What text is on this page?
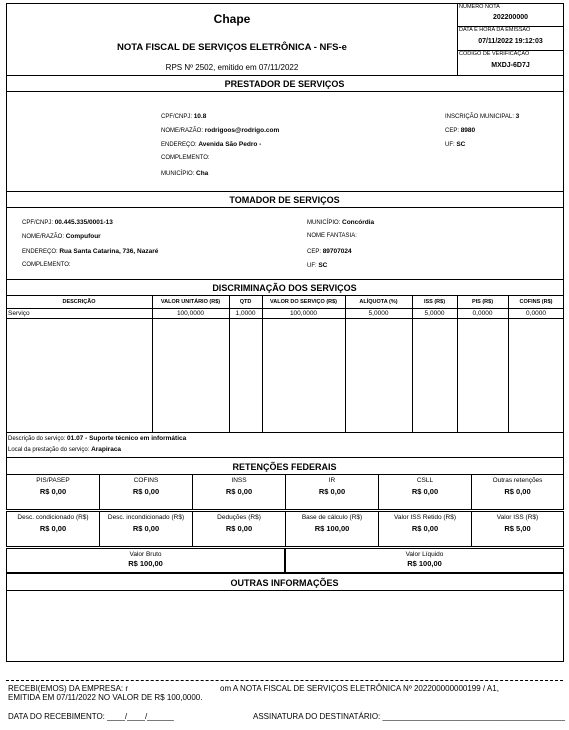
Chape
NOTA FISCAL DE SERVIÇOS ELETRÔNICA - NFS-e
RPS Nº 2502, emitido em 07/11/2022
NÚMERO NOTA
202200000
DATA E HORA DA EMISSÃO
07/11/2022 19:12:03
CÓDIGO DE VERIFICAÇÃO
MXDJ-6D7J
PRESTADOR DE SERVIÇOS
CPF/CNPJ: 10.8
NOME/RAZÃO: rodrigoos@rodrigo.com
ENDEREÇO: Avenida São Pedro -
COMPLEMENTO:
MUNICÍPIO: Cha
INSCRIÇÃO MUNICIPAL: 3
CEP: 8980
UF: SC
TOMADOR DE SERVIÇOS
CPF/CNPJ: 00.445.335/0001-13
NOME/RAZÃO: Compufour
ENDEREÇO: Rua Santa Catarina, 736, Nazaré
COMPLEMENTO:
MUNICÍPIO: Concórdia
NOME FANTASIA:
CEP: 89707024
UF: SC
DISCRIMINAÇÃO DOS SERVIÇOS
DESCRIÇÃO	VALOR UNITÁRIO (R$)	QTD	VALOR DO SERVIÇO (R$)	ALÍQUOTA (%)	ISS (R$)	PIS (R$)	COFINS (R$)
Serviço	100,0000	1,0000	100,0000	5,0000	5,0000	0,0000	0,0000
Descrição do serviço: 01.07 - Suporte técnico em informática
Local da prestação do serviço: Arapiraca
RETENÇÕES FEDERAIS
PIS/PASEP
R$ 0,00
COFINS
R$ 0,00
INSS
R$ 0,00
IR
R$ 0,00
CSLL
R$ 0,00
Outras retenções
R$ 0,00
Desc. condicionado (R$)
R$ 0,00
Desc. incondicionado (R$)
R$ 0,00
Deduções (R$)
R$ 0,00
Base de cálculo (R$)
R$ 100,00
Valor ISS Retido (R$)
R$ 0,00
Valor ISS (R$)
R$ 5,00
Valor Bruto
R$ 100,00
Valor Líquido
R$ 100,00
OUTRAS INFORMAÇÕES
RECEBI(EMOS) DA EMPRESA: r	om A NOTA FISCAL DE SERVIÇOS ELETRÔNICA Nº 202200000000199 / A1,
EMITIDA EM 07/11/2022 NO VALOR DE R$ 100,0000.
DATA DO RECEBIMENTO: ____/____/______	ASSINATURA DO DESTINATÁRIO: _________________________________________
